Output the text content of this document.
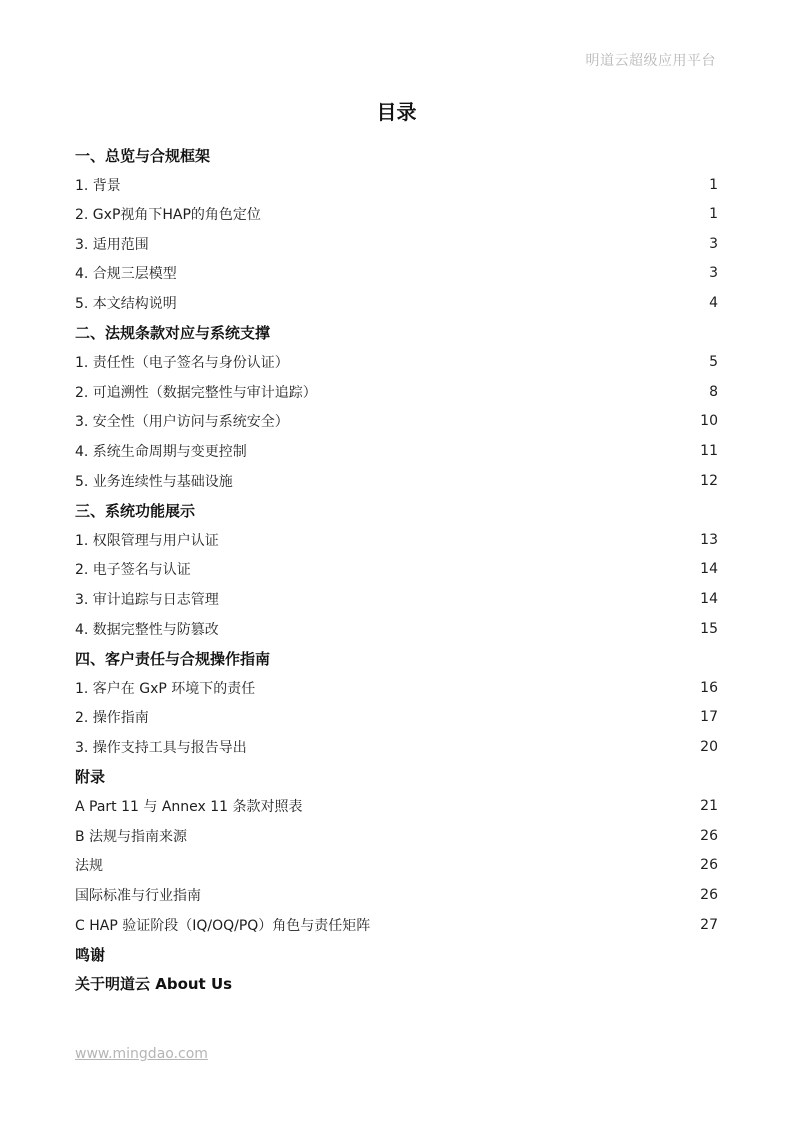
明道云超级应用平台
目录
一、总览与合规框架
1. 背景	1
2. GxP视角下HAP的角色定位	1
3. 适用范围	3
4. 合规三层模型	3
5. 本文结构说明	4
二、法规条款对应与系统支撑
1. 责任性（电子签名与身份认证）	5
2. 可追溯性（数据完整性与审计追踪）	8
3. 安全性（用户访问与系统安全）	10
4. 系统生命周期与变更控制	11
5. 业务连续性与基础设施	12
三、系统功能展示
1. 权限管理与用户认证	13
2. 电子签名与认证	14
3. 审计追踪与日志管理	14
4. 数据完整性与防篡改	15
四、客户责任与合规操作指南
1. 客户在 GxP 环境下的责任	16
2. 操作指南	17
3. 操作支持工具与报告导出	20
附录
A Part 11 与 Annex 11 条款对照表	21
B 法规与指南来源	26
法规	26
国际标准与行业指南	26
C HAP 验证阶段（IQ/OQ/PQ）角色与责任矩阵	27
鸣谢
关于明道云 About Us
www.mingdao.com
